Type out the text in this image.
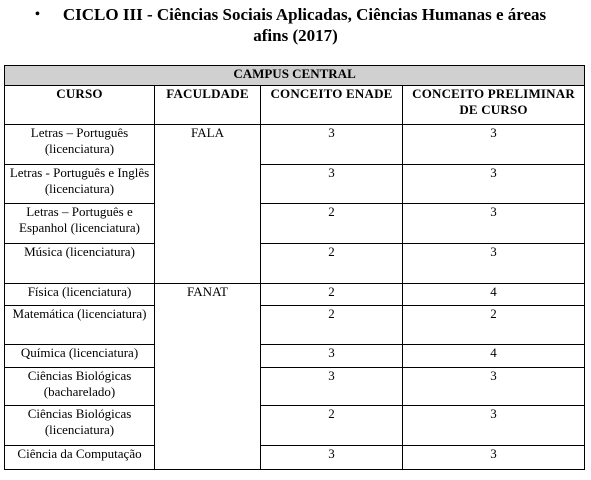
•	CICLO III - Ciências Sociais Aplicadas, Ciências Humanas e áreas
afins (2017)
CAMPUS CENTRAL			
CURSO	FACULDADE	CONCEITO ENADE	CONCEITO PRELIMINAR DE CURSO
Letras – Português (licenciatura)	FALA	3	3
Letras - Português e Inglês (licenciatura)		3	3
Letras – Português e Espanhol (licenciatura)		2	3
Música (licenciatura)		2	3
Física (licenciatura)	FANAT	2	4
Matemática (licenciatura)		2	2
Química (licenciatura)		3	4
Ciências Biológicas (bacharelado)		3	3
Ciências Biológicas (licenciatura)		2	3
Ciência da Computação		3	3
